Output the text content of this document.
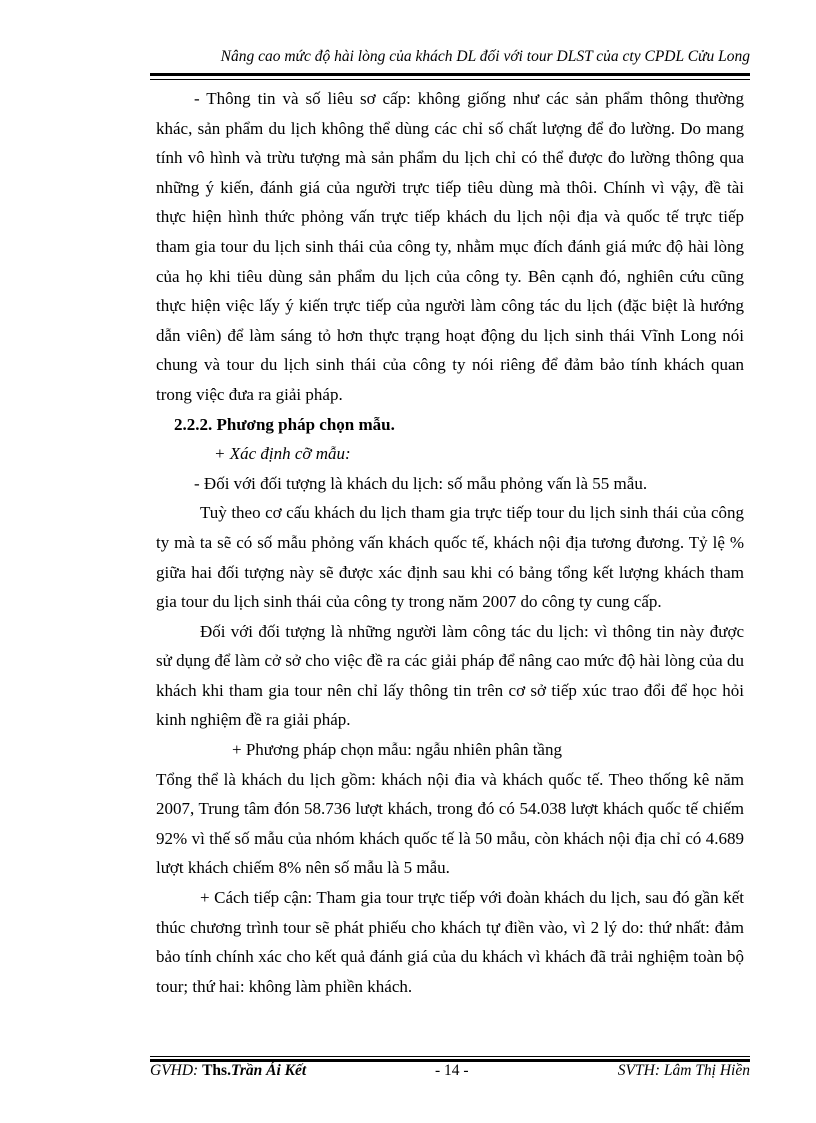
Nâng cao mức độ hài lòng của khách DL đối với tour DLST của cty CPDL Cửu Long

- Thông tin và số liêu sơ cấp: không giống như các sản phẩm thông thường khác, sản phẩm du lịch không thể dùng các chỉ số chất lượng để đo lường. Do mang tính vô hình và trừu tượng mà sản phẩm du lịch chỉ có thể được đo lường thông qua những ý kiến, đánh giá của người trực tiếp tiêu dùng mà thôi. Chính vì vậy, đề tài thực hiện hình thức phỏng vấn trực tiếp khách du lịch nội địa và quốc tế trực tiếp tham gia tour du lịch sinh thái của công ty, nhằm mục đích đánh giá mức độ hài lòng của họ khi tiêu dùng sản phẩm du lịch của công ty. Bên cạnh đó, nghiên cứu cũng thực hiện việc lấy ý kiến trực tiếp của người làm công tác du lịch (đặc biệt là hướng dẫn viên) để làm sáng tỏ hơn thực trạng hoạt động du lịch sinh thái Vĩnh Long nói chung và tour du lịch sinh thái của công ty nói riêng để đảm bảo tính khách quan trong việc đưa ra giải pháp.

2.2.2. Phương pháp chọn mẫu.

+ Xác định cỡ mẫu:

- Đối với đối tượng là khách du lịch: số mẫu phỏng vấn là 55 mẫu.

Tuỳ theo cơ cấu khách du lịch tham gia trực tiếp tour du lịch sinh thái của công ty mà ta sẽ có số mẫu phỏng vấn khách quốc tế, khách nội địa tương đương. Tỷ lệ % giữa hai đối tượng này sẽ được xác định sau khi có bảng tổng kết lượng khách tham gia tour du lịch sinh thái của công ty trong năm 2007 do công ty cung cấp.

Đối với đối tượng là những người làm công tác du lịch: vì thông tin này được sử dụng để làm cở sở cho việc đề ra các giải pháp để nâng cao mức độ hài lòng của du khách khi tham gia tour nên chỉ lấy thông tin trên cơ sở tiếp xúc trao đổi để học hỏi kinh nghiệm đề ra giải pháp.

+ Phương pháp chọn mẫu: ngẫu nhiên phân tầng

Tổng thể là khách du lịch gồm: khách nội đia và khách quốc tế. Theo thống kê năm 2007, Trung tâm đón 58.736 lượt khách, trong đó có 54.038 lượt khách quốc tế chiếm 92% vì thế số mẫu của nhóm khách quốc tế là 50 mẫu, còn khách nội địa chỉ có 4.689 lượt khách chiếm 8% nên số mẫu là 5 mẫu.

+ Cách tiếp cận: Tham gia tour trực tiếp với đoàn khách du lịch, sau đó gần kết thúc chương trình tour sẽ phát phiếu cho khách tự điền vào, vì 2 lý do: thứ nhất: đảm bảo tính chính xác cho kết quả đánh giá của du khách vì khách đã trải nghiệm toàn bộ tour; thứ hai: không làm phiền khách.

GVHD: Ths.Trần Ái Kết	- 14 -	SVTH: Lâm Thị Hiền
